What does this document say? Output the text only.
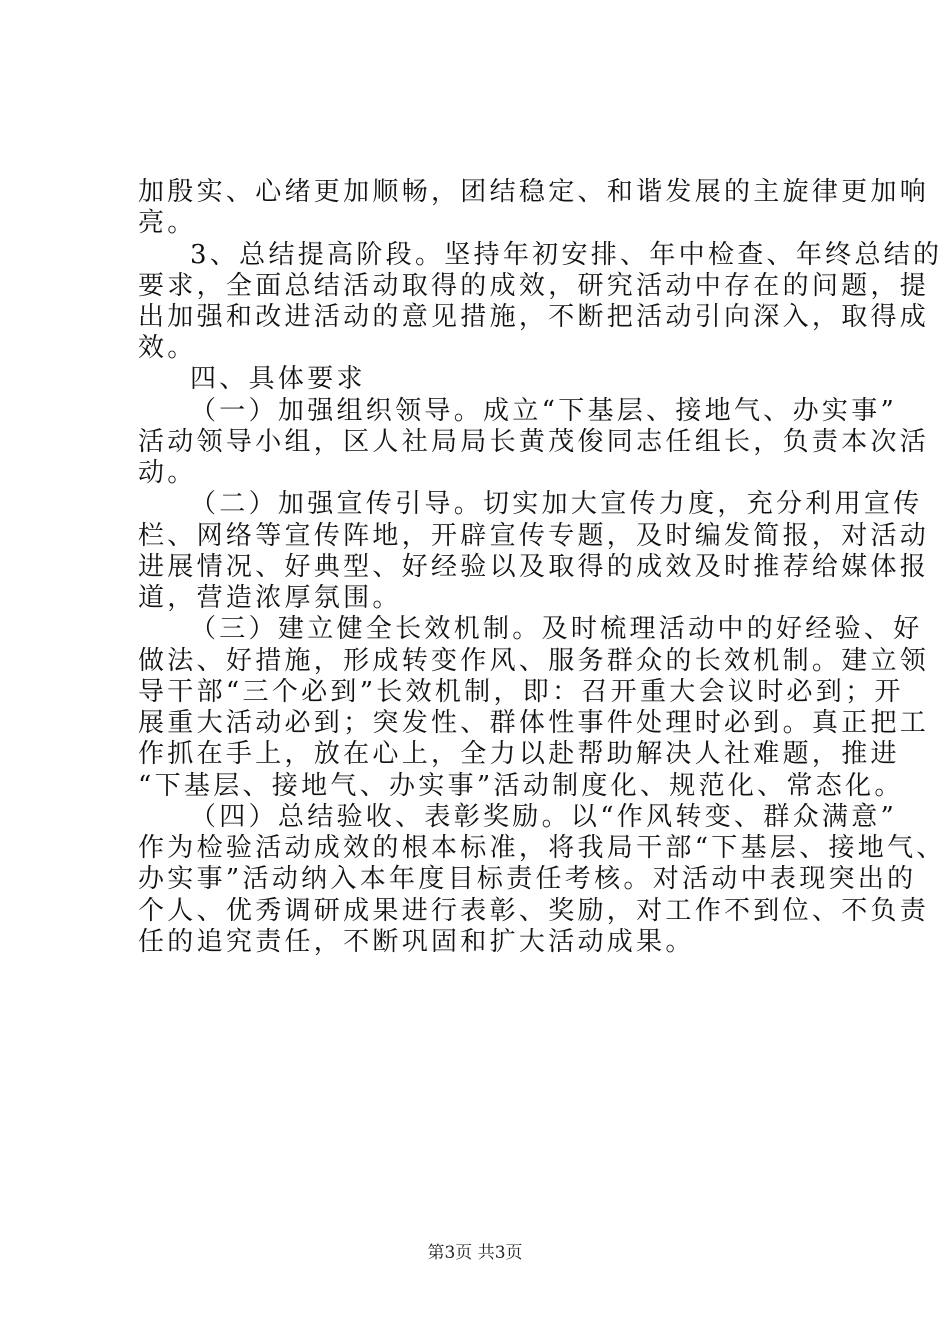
加殷实、心绪更加顺畅，团结稳定、和谐发展的主旋律更加响
亮。
3、总结提高阶段。坚持年初安排、年中检查、年终总结的
要求，全面总结活动取得的成效，研究活动中存在的问题，提
出加强和改进活动的意见措施，不断把活动引向深入，取得成
效。
四、具体要求
（一）加强组织领导。成立“下基层、接地气、办实事”
活动领导小组，区人社局局长黄茂俊同志任组长，负责本次活
动。
（二）加强宣传引导。切实加大宣传力度，充分利用宣传
栏、网络等宣传阵地，开辟宣传专题，及时编发简报，对活动
进展情况、好典型、好经验以及取得的成效及时推荐给媒体报
道，营造浓厚氛围。
（三）建立健全长效机制。及时梳理活动中的好经验、好
做法、好措施，形成转变作风、服务群众的长效机制。建立领
导干部“三个必到”长效机制，即：召开重大会议时必到；开
展重大活动必到；突发性、群体性事件处理时必到。真正把工
作抓在手上，放在心上，全力以赴帮助解决人社难题，推进
“下基层、接地气、办实事”活动制度化、规范化、常态化。
（四）总结验收、表彰奖励。以“作风转变、群众满意”
作为检验活动成效的根本标准，将我局干部“下基层、接地气、
办实事”活动纳入本年度目标责任考核。对活动中表现突出的
个人、优秀调研成果进行表彰、奖励，对工作不到位、不负责
任的追究责任，不断巩固和扩大活动成果。
第3页 共3页
